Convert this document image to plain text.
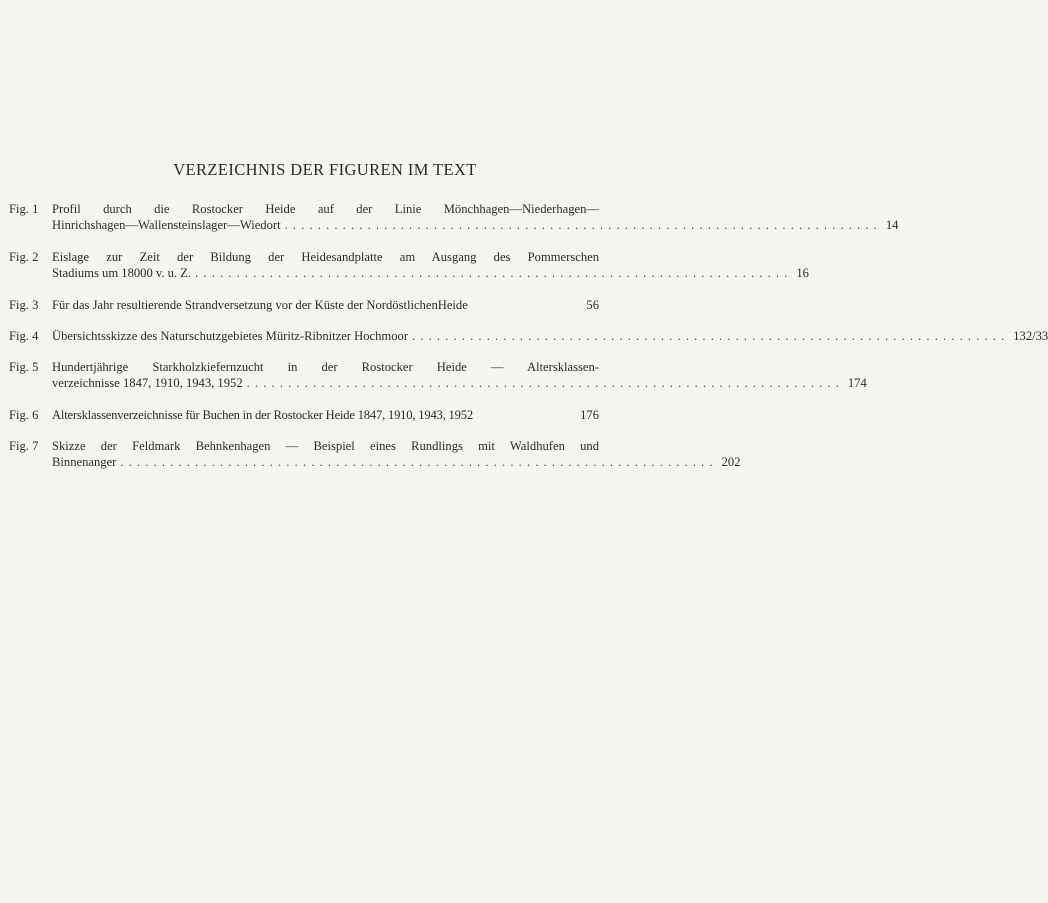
VERZEICHNIS DER FIGUREN IM TEXT
Fig. 1	Profil durch die Rostocker Heide auf der Linie Mönchhagen—Niederhagen—
Hinrichshagen—Wallensteinslager—Wiedort . . .	14
Fig. 2	Eislage zur Zeit der Bildung der Heidesandplatte am Ausgang des Pommerschen
Stadiums um 18000 v. u. Z. . . .	16
Fig. 3	Für das Jahr resultierende Strandversetzung vor der Küste der NordöstlichenHeide	56
Fig. 4	Übersichtsskizze des Naturschutzgebietes Müritz-Ribnitzer Hochmoor . . .	132/33
Fig. 5	Hundertjährige Starkholzkiefernzucht in der Rostocker Heide — Altersklassen-
verzeichnisse 1847, 1910, 1943, 1952 . . .	174
Fig. 6	Altersklassenverzeichnisse für Buchen in der Rostocker Heide 1847, 1910, 1943, 1952	176
Fig. 7	Skizze der Feldmark Behnkenhagen — Beispiel eines Rundlings mit Waldhufen und
Binnenanger . . .	202
